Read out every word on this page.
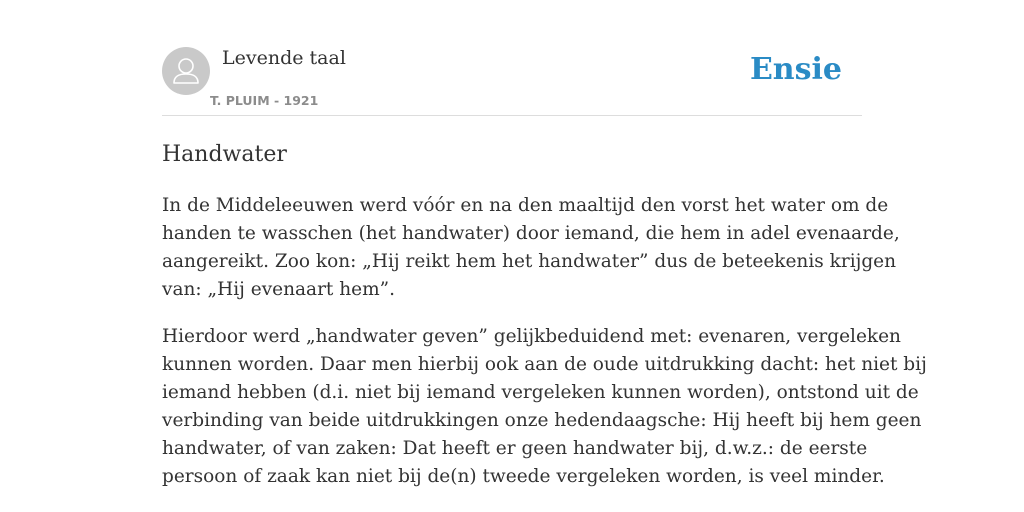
Levende taal
T. PLUIM - 1921
Ensie
Handwater

In de Middeleeuwen werd vóór en na den maaltijd den vorst het water om de
handen te wasschen (het handwater) door iemand, die hem in adel evenaarde,
aangereikt. Zoo kon: „Hij reikt hem het handwater” dus de beteekenis krijgen
van: „Hij evenaart hem”.

Hierdoor werd „handwater geven” gelijkbeduidend met: evenaren, vergeleken
kunnen worden. Daar men hierbij ook aan de oude uitdrukking dacht: het niet bij
iemand hebben (d.i. niet bij iemand vergeleken kunnen worden), ontstond uit de
verbinding van beide uitdrukkingen onze hedendaagsche: Hij heeft bij hem geen
handwater, of van zaken: Dat heeft er geen handwater bij, d.w.z.: de eerste
persoon of zaak kan niet bij de(n) tweede vergeleken worden, is veel minder.
